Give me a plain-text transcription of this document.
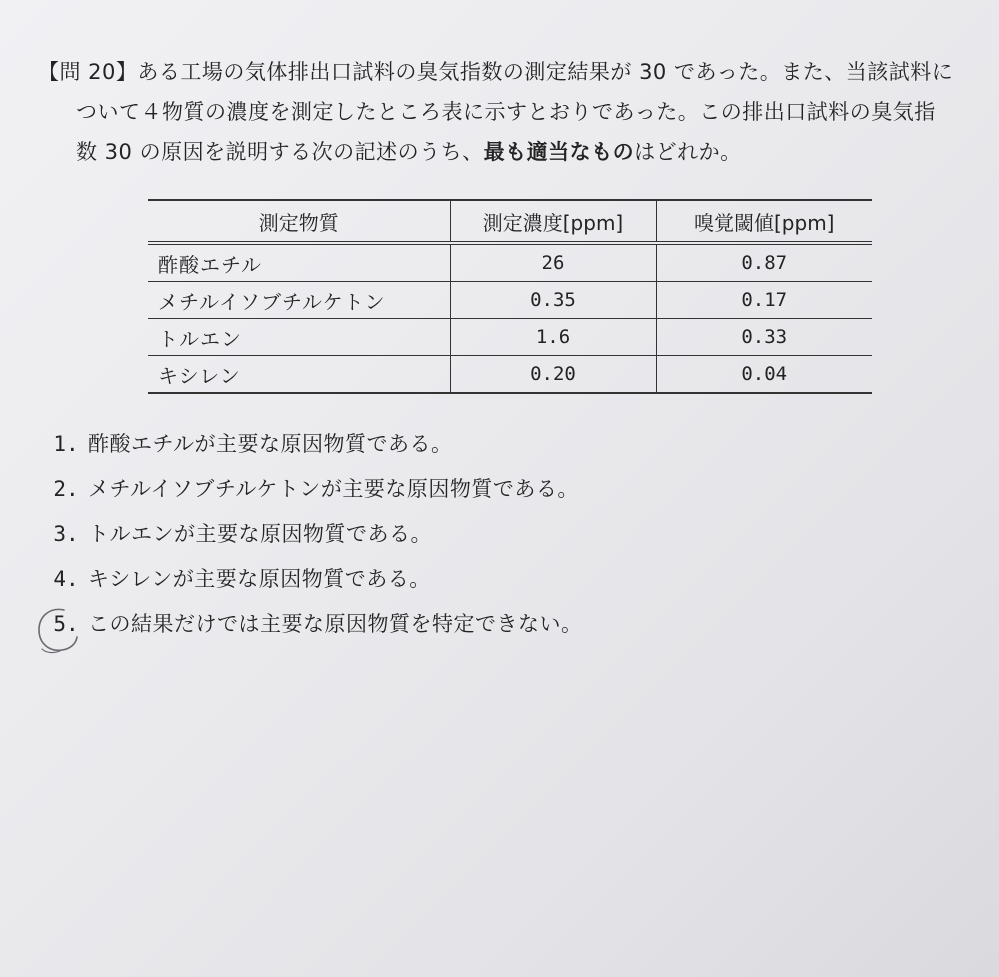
【問 20】ある工場の気体排出口試料の臭気指数の測定結果が 30 であった。また、当該試料に
ついて４物質の濃度を測定したところ表に示すとおりであった。この排出口試料の臭気指
数 30 の原因を説明する次の記述のうち、最も適当なものはどれか。
測定物質	測定濃度[ppm]	嗅覚閾値[ppm]
酢酸エチル	26	0.87
メチルイソブチルケトン	0.35	0.17
トルエン	1.6	0.33
キシレン	0.20	0.04
1. 酢酸エチルが主要な原因物質である。
2. メチルイソブチルケトンが主要な原因物質である。
3. トルエンが主要な原因物質である。
4. キシレンが主要な原因物質である。
5. この結果だけでは主要な原因物質を特定できない。
